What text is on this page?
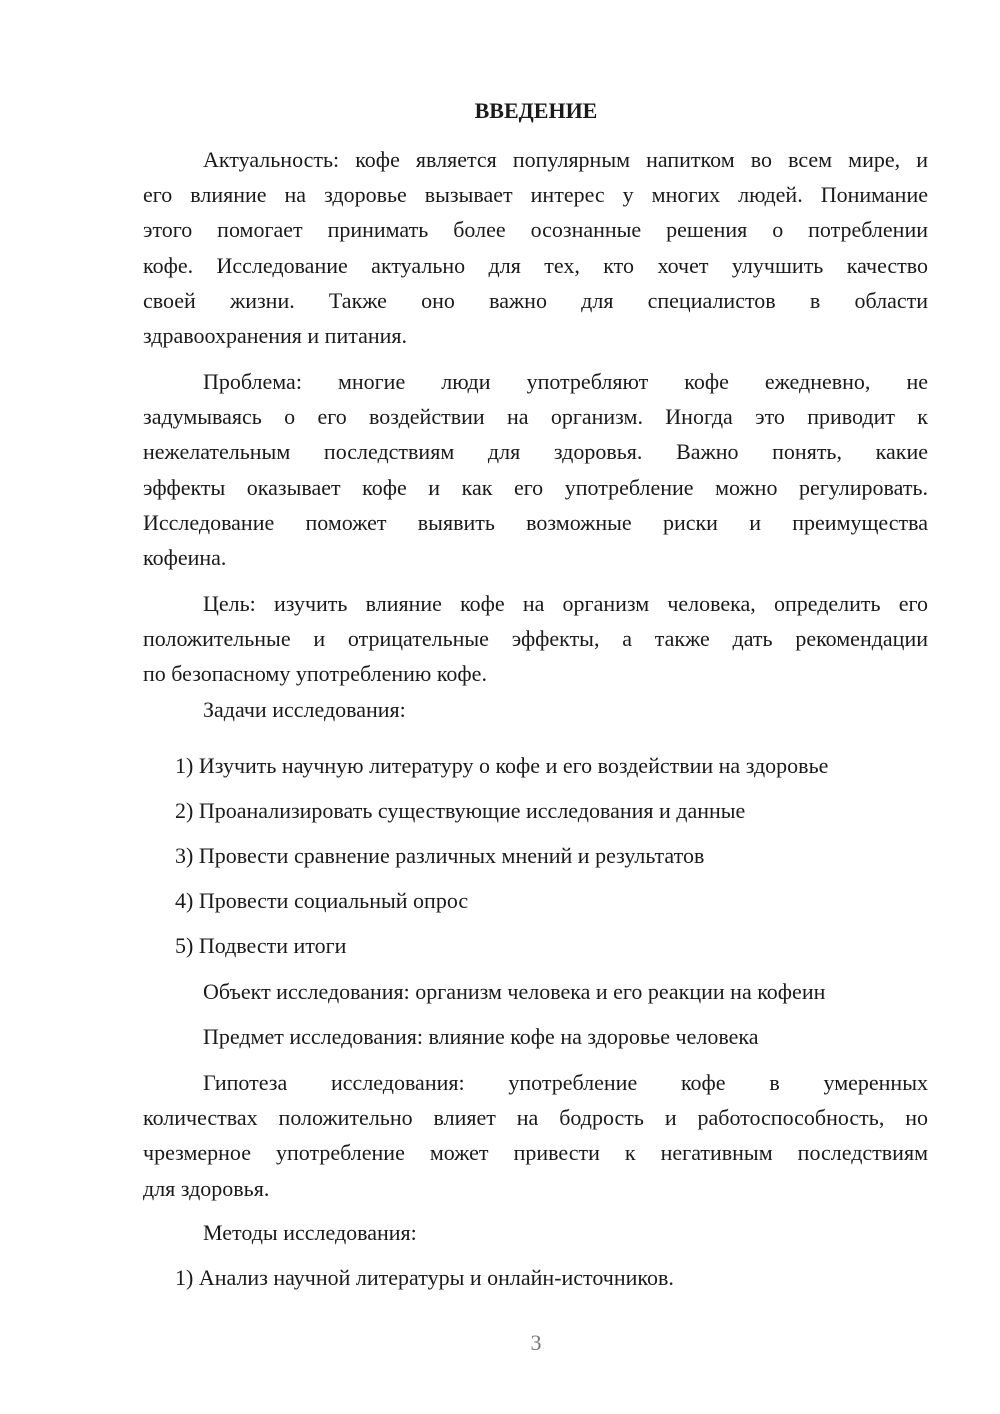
ВВЕДЕНИЕ
Актуальность: кофе является популярным напитком во всем мире, и
его влияние на здоровье вызывает интерес у многих людей. Понимание
этого помогает принимать более осознанные решения о потреблении
кофе. Исследование актуально для тех, кто хочет улучшить качество
своей жизни. Также оно важно для специалистов в области
здравоохранения и питания.
Проблема: многие люди употребляют кофе ежедневно, не
задумываясь о его воздействии на организм. Иногда это приводит к
нежелательным последствиям для здоровья. Важно понять, какие
эффекты оказывает кофе и как его употребление можно регулировать.
Исследование поможет выявить возможные риски и преимущества
кофеина.
Цель: изучить влияние кофе на организм человека, определить его
положительные и отрицательные эффекты, а также дать рекомендации
по безопасному употреблению кофе.
Задачи исследования:
1) Изучить научную литературу о кофе и его воздействии на здоровье
2) Проанализировать существующие исследования и данные
3) Провести сравнение различных мнений и результатов
4) Провести социальный опрос
5) Подвести итоги
Объект исследования: организм человека и его реакции на кофеин
Предмет исследования: влияние кофе на здоровье человека
Гипотеза исследования: употребление кофе в умеренных
количествах положительно влияет на бодрость и работоспособность, но
чрезмерное употребление может привести к негативным последствиям
для здоровья.
Методы исследования:
1) Анализ научной литературы и онлайн-источников.
3
